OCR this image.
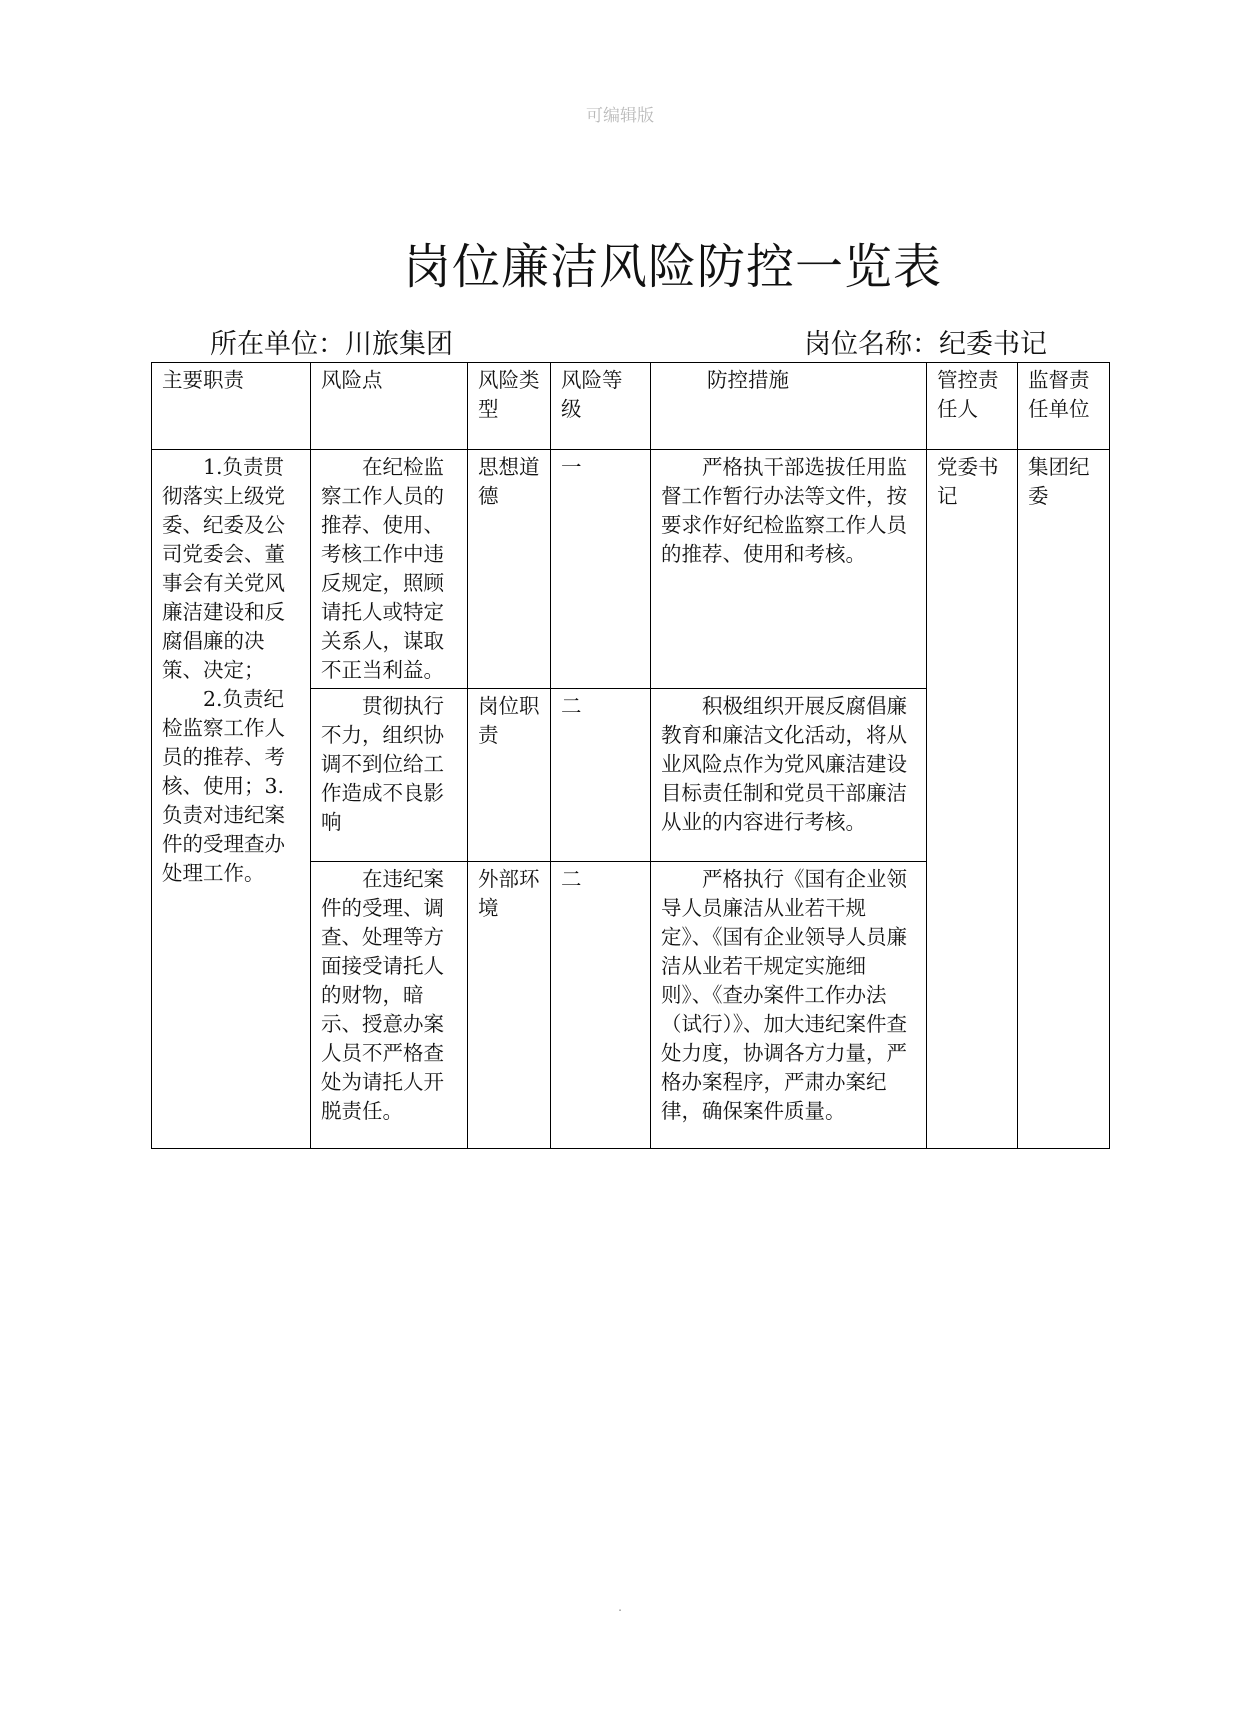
可编辑版
岗位廉洁风险防控一览表
所在单位：川旅集团	岗位名称：纪委书记
主要职责	风险点	风险类型	风险等级	防控措施	管控责任人	监督责任单位

1.负责贯彻落实上级党委、纪委及公司党委会、董事会有关党风廉洁建设和反腐倡廉的决策、决定；
2.负责纪检监察工作人员的推荐、考核、使用；3.负责对违纪案件的受理查办处理工作。	在纪检监察工作人员的推荐、使用、考核工作中违反规定，照顾请托人或特定关系人，谋取不正当利益。	思想道德	一	严格执干部选拔任用监督工作暂行办法等文件，按要求作好纪检监察工作人员的推荐、使用和考核。	党委书记	集团纪委
	贯彻执行不力，组织协调不到位给工作造成不良影响	岗位职责	二	积极组织开展反腐倡廉教育和廉洁文化活动，将从业风险点作为党风廉洁建设目标责任制和党员干部廉洁从业的内容进行考核。		
	在违纪案件的受理、调查、处理等方面接受请托人的财物，暗示、授意办案人员不严格查处为请托人开脱责任。	外部环境	二	严格执行《国有企业领导人员廉洁从业若干规定》、《国有企业领导人员廉洁从业若干规定实施细则》、《查办案件工作办法（试行）》、加大违纪案件查处力度，协调各方力量，严格办案程序，严肃办案纪律，确保案件质量。		
.
